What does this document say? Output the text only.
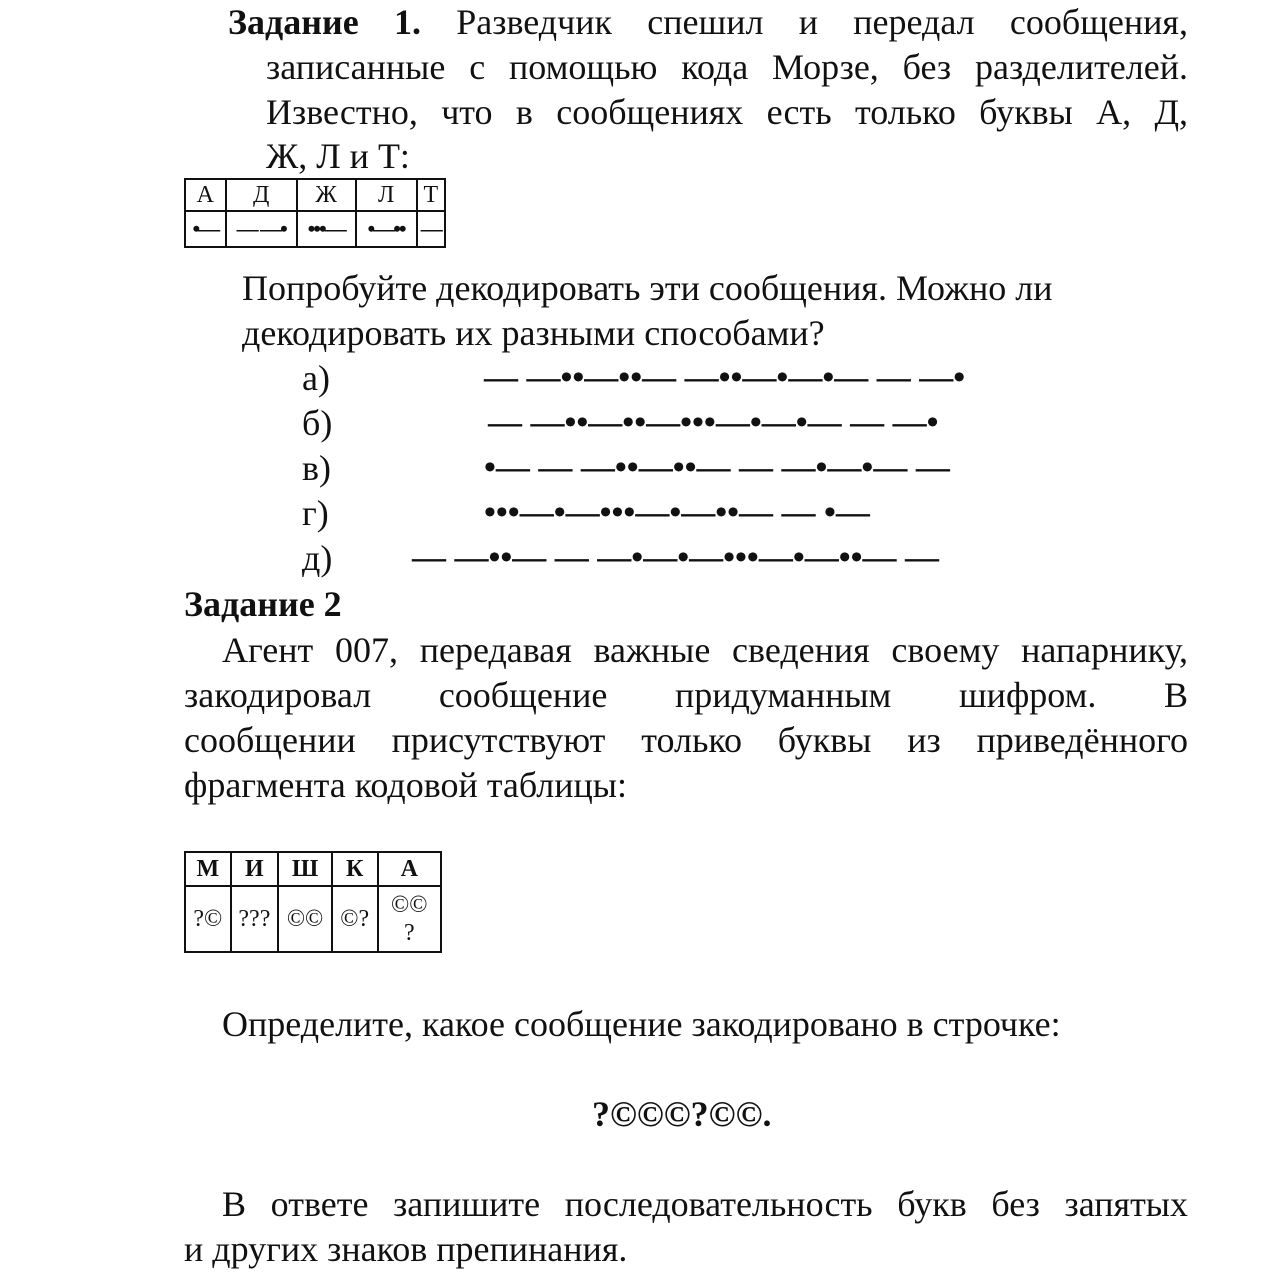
Задание 1. Разведчик спешил и передал сообщения,
записанные с помощью кода Морзе, без разделителей.
Известно, что в сообщениях есть только буквы А, Д,
Ж, Л и Т:
А	Д	Ж	Л	Т
•—	— —•	•••—	•—••	—
Попробуйте декодировать эти сообщения. Можно ли
декодировать их разными способами?
а)	— —••—••— —••—•—•— — —•
б)	— —••—••—•••—•—•— — —•
в)	•— — —••—••— — —•—•— —
г)	•••—•—•••—•—••— — •—
д) — —••— — —•—•—•••—•—••— —
Задание 2
Агент 007, передавая важные сведения своему напарнику,
закодировал сообщение придуманным шифром. В
сообщении присутствуют только буквы из приведённого
фрагмента кодовой таблицы:
М	И	Ш	К	А
?©	???	©©	©?	©©
?
Определите, какое сообщение закодировано в строчке:
?©©©?©©.
В ответе запишите последовательность букв без запятых
и других знаков препинания.
